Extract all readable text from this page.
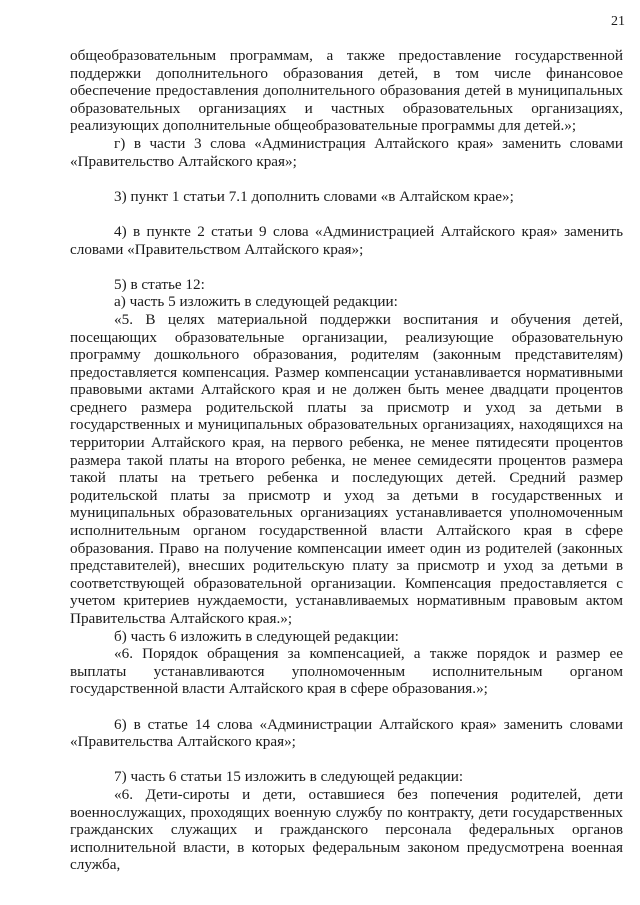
21

общеобразовательным программам, а также предоставление государственной поддержки дополнительного образования детей, в том числе финансовое обеспечение предоставления дополнительного образования детей в муниципальных образовательных организациях и частных образовательных организациях, реализующих дополнительные общеобразовательные программы для детей.»;

г) в части 3 слова «Администрация Алтайского края» заменить словами «Правительство Алтайского края»;

3) пункт 1 статьи 7.1 дополнить словами «в Алтайском крае»;

4) в пункте 2 статьи 9 слова «Администрацией Алтайского края» заменить словами «Правительством Алтайского края»;

5) в статье 12:

а) часть 5 изложить в следующей редакции:

«5. В целях материальной поддержки воспитания и обучения детей, посещающих образовательные организации, реализующие образовательную программу дошкольного образования, родителям (законным представителям) предоставляется компенсация. Размер компенсации устанавливается нормативными правовыми актами Алтайского края и не должен быть менее двадцати процентов среднего размера родительской платы за присмотр и уход за детьми в государственных и муниципальных образовательных организациях, находящихся на территории Алтайского края, на первого ребенка, не менее пятидесяти процентов размера такой платы на второго ребенка, не менее семидесяти процентов размера такой платы на третьего ребенка и последующих детей. Средний размер родительской платы за присмотр и уход за детьми в государственных и муниципальных образовательных организациях устанавливается уполномоченным исполнительным органом государственной власти Алтайского края в сфере образования. Право на получение компенсации имеет один из родителей (законных представителей), внесших родительскую плату за присмотр и уход за детьми в соответствующей образовательной организации. Компенсация предоставляется с учетом критериев нуждаемости, устанавливаемых нормативным правовым актом Правительства Алтайского края.»;

б) часть 6 изложить в следующей редакции:

«6. Порядок обращения за компенсацией, а также порядок и размер ее выплаты устанавливаются уполномоченным исполнительным органом государственной власти Алтайского края в сфере образования.»;

6) в статье 14 слова «Администрации Алтайского края» заменить словами «Правительства Алтайского края»;

7) часть 6 статьи 15 изложить в следующей редакции:

«6. Дети-сироты и дети, оставшиеся без попечения родителей, дети военнослужащих, проходящих военную службу по контракту, дети государственных гражданских служащих и гражданского персонала федеральных органов исполнительной власти, в которых федеральным законом предусмотрена военная служба,
